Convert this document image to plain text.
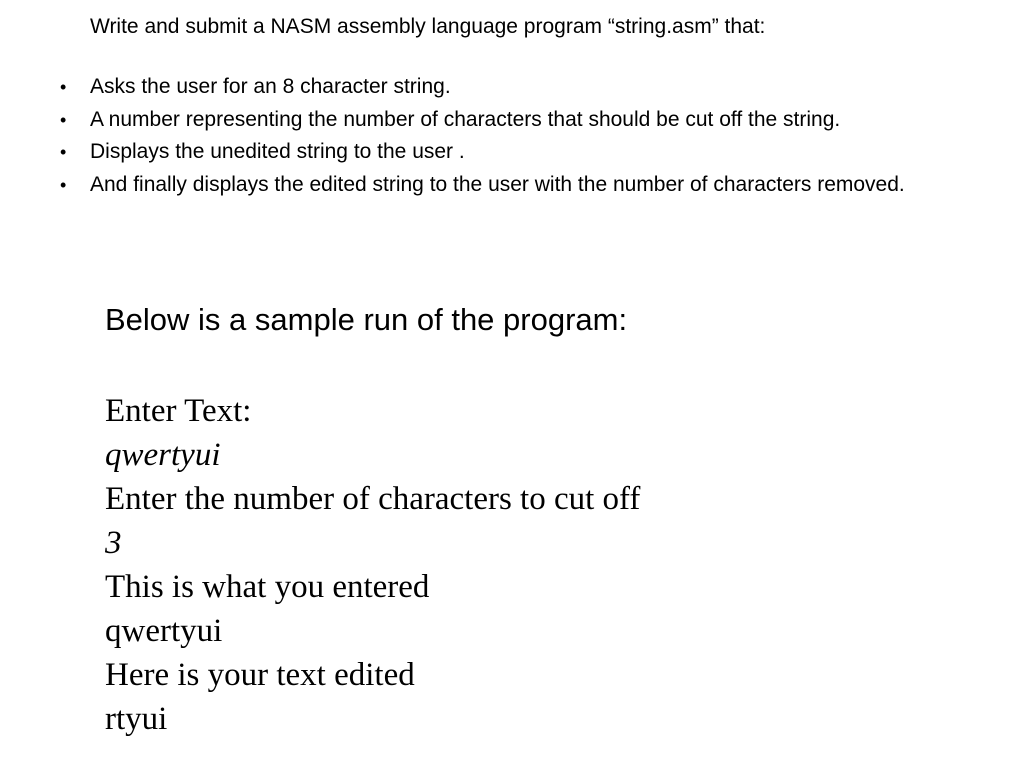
Write and submit a NASM assembly language program “string.asm” that:

• Asks the user for an 8 character string.
• A number representing the number of characters that should be cut off the string.
• Displays the unedited string to the user .
• And finally displays the edited string to the user with the number of characters removed.

Below is a sample run of the program:

Enter Text:
qwertyui
Enter the number of characters to cut off
3
This is what you entered
qwertyui
Here is your text edited
rtyui
